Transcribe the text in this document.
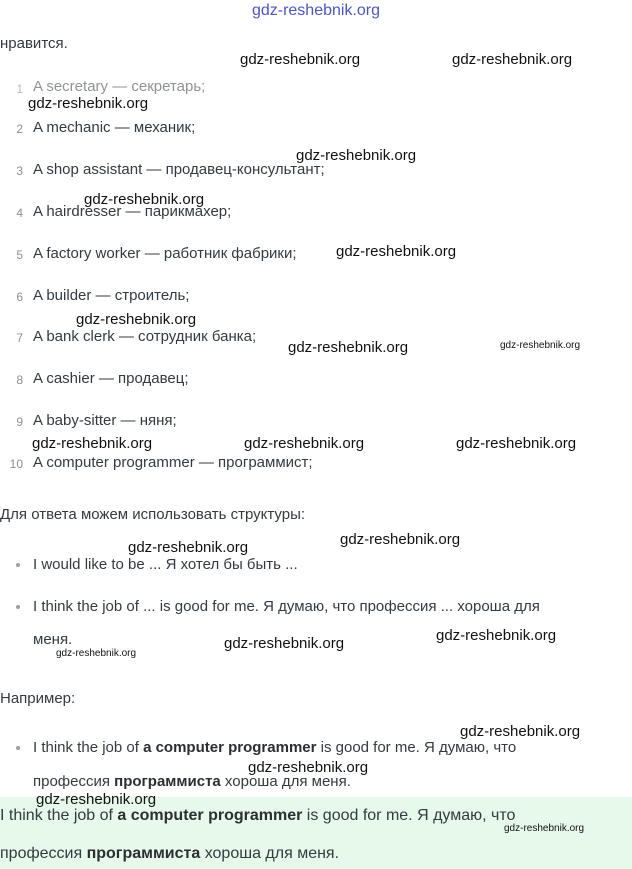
gdz-reshebnik.org
нравится.
1 A secretary — секретарь;
2 A mechanic — механик;
3 A shop assistant — продавец-консультант;
4 A hairdresser — парикмахер;
5 A factory worker — работник фабрики;
6 A builder — строитель;
7 A bank clerk — сотрудник банка;
8 A cashier — продавец;
9 A baby-sitter — няня;
10 A computer programmer — программист;
Для ответа можем использовать структуры:
I would like to be ... Я хотел бы быть ...
I think the job of ... is good for me. Я думаю, что профессия ... хороша для
меня.
Например:
I think the job of a computer programmer is good for me. Я думаю, что
профессия программиста хороша для меня.
I think the job of a computer programmer is good for me. Я думаю, что
профессия программиста хороша для меня.
gdz-reshebnik.org	gdz-reshebnik.org
gdz-reshebnik.org
gdz-reshebnik.org
gdz-reshebnik.org
gdz-reshebnik.org
gdz-reshebnik.org
gdz-reshebnik.org	gdz-reshebnik.org
gdz-reshebnik.org	gdz-reshebnik.org	gdz-reshebnik.org
gdz-reshebnik.org
gdz-reshebnik.org
gdz-reshebnik.org
gdz-reshebnik.org
gdz-reshebnik.org
gdz-reshebnik.org
gdz-reshebnik.org
gdz-reshebnik.org
gdz-reshebnik.org
